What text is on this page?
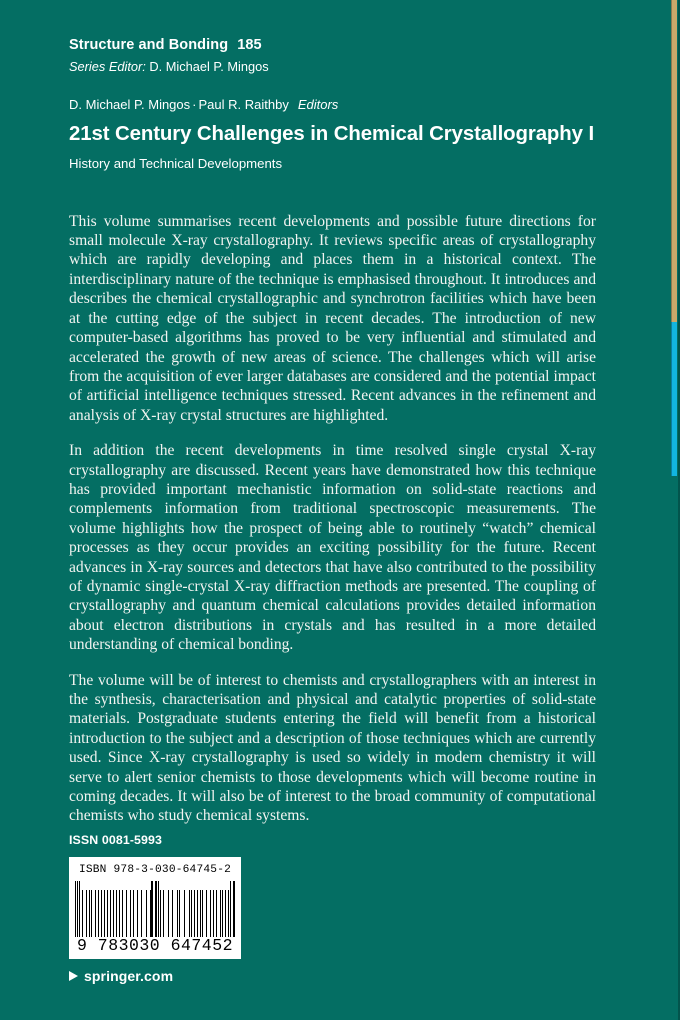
Structure and Bonding 185
Series Editor: D. Michael P. Mingos
D. Michael P. Mingos · Paul R. Raithby Editors
21st Century Challenges in Chemical Crystallography I
History and Technical Developments

This volume summarises recent developments and possible future directions for small molecule X-ray crystallography. It reviews specific areas of crystallography which are rapidly developing and places them in a historical context. The interdisciplinary nature of the technique is emphasised throughout. It introduces and describes the chemical crystallographic and synchrotron facilities which have been at the cutting edge of the subject in recent decades. The introduction of new computer-based algorithms has proved to be very influential and stimulated and accelerated the growth of new areas of science. The challenges which will arise from the acquisition of ever larger databases are considered and the potential impact of artificial intelligence techniques stressed. Recent advances in the refinement and analysis of X-ray crystal structures are highlighted.

In addition the recent developments in time resolved single crystal X-ray crystallography are discussed. Recent years have demonstrated how this technique has provided important mechanistic information on solid-state reactions and complements information from traditional spectroscopic measurements. The volume highlights how the prospect of being able to routinely “watch” chemical processes as they occur provides an exciting possibility for the future. Recent advances in X-ray sources and detectors that have also contributed to the possibility of dynamic single-crystal X-ray diffraction methods are presented. The coupling of crystallography and quantum chemical calculations provides detailed information about electron distributions in crystals and has resulted in a more detailed understanding of chemical bonding.

The volume will be of interest to chemists and crystallographers with an interest in the synthesis, characterisation and physical and catalytic properties of solid-state materials. Postgraduate students entering the field will benefit from a historical introduction to the subject and a description of those techniques which are currently used. Since X-ray crystallography is used so widely in modern chemistry it will serve to alert senior chemists to those developments which will become routine in coming decades. It will also be of interest to the broad community of computational chemists who study chemical systems.

ISSN 0081-5993
ISBN 978-3-030-64745-2
9 783030 647452
springer.com
